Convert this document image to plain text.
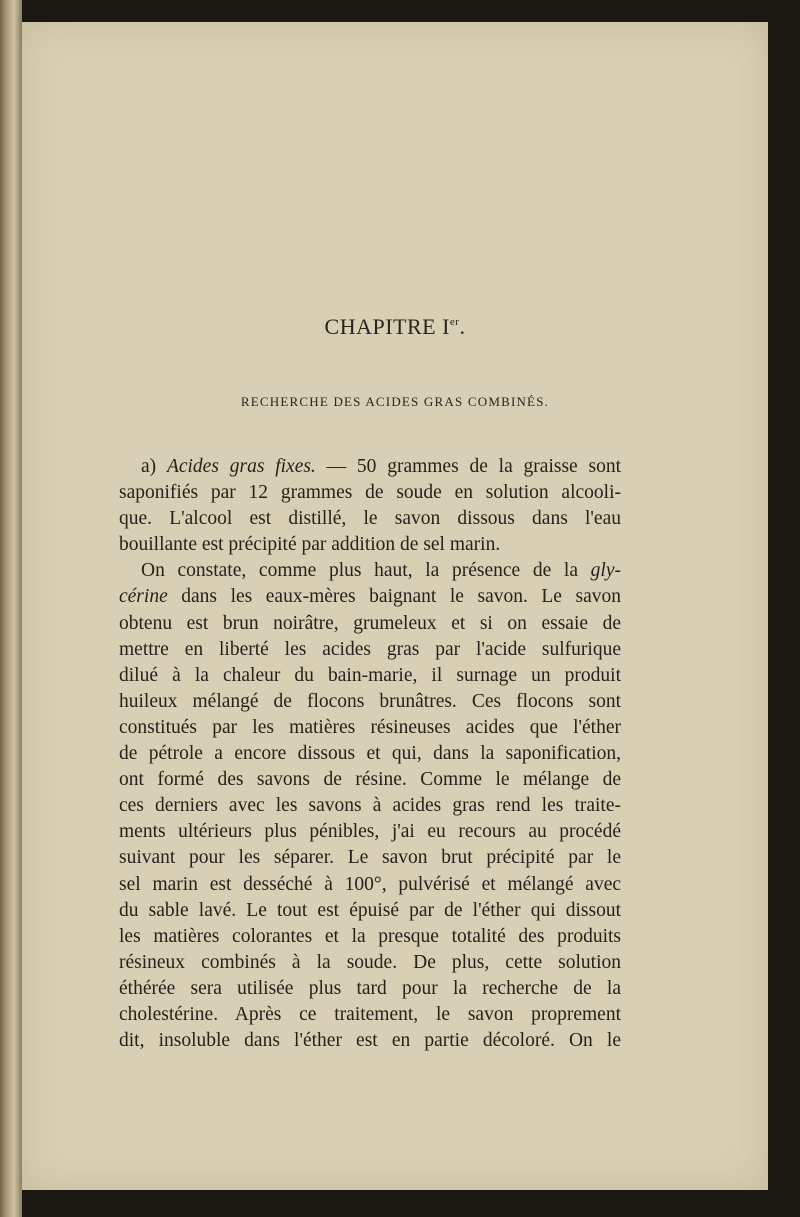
CHAPITRE Ier.
RECHERCHE DES ACIDES GRAS COMBINÉS.
a) Acides gras fixes. — 50 grammes de la graisse sont
saponifiés par 12 grammes de soude en solution alcooli-
que. L'alcool est distillé, le savon dissous dans l'eau
bouillante est précipité par addition de sel marin.
On constate, comme plus haut, la présence de la gly-
cérine dans les eaux-mères baignant le savon. Le savon
obtenu est brun noirâtre, grumeleux et si on essaie de
mettre en liberté les acides gras par l'acide sulfurique
dilué à la chaleur du bain-marie, il surnage un produit
huileux mélangé de flocons brunâtres. Ces flocons sont
constitués par les matières résineuses acides que l'éther
de pétrole a encore dissous et qui, dans la saponification,
ont formé des savons de résine. Comme le mélange de
ces derniers avec les savons à acides gras rend les traite-
ments ultérieurs plus pénibles, j'ai eu recours au procédé
suivant pour les séparer. Le savon brut précipité par le
sel marin est desséché à 100°, pulvérisé et mélangé avec
du sable lavé. Le tout est épuisé par de l'éther qui dissout
les matières colorantes et la presque totalité des produits
résineux combinés à la soude. De plus, cette solution
éthérée sera utilisée plus tard pour la recherche de la
cholestérine. Après ce traitement, le savon proprement
dit, insoluble dans l'éther est en partie décoloré. On le
